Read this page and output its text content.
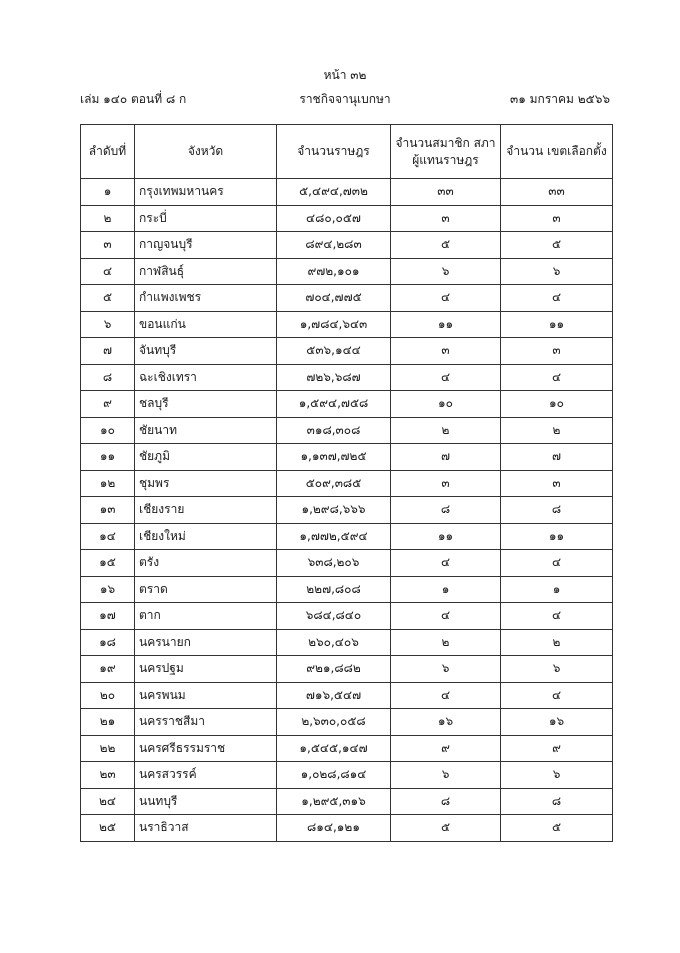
หน้า ๓๒
เล่ม ๑๔๐ ตอนที่ ๘ ก	ราชกิจจานุเบกษา	๓๑ มกราคม ๒๕๖๖
ลำดับที่	จังหวัด	จำนวนราษฎร	จำนวนสมาชิก สภาผู้แทนราษฎร	จำนวน เขตเลือกตั้ง
๑	กรุงเทพมหานคร	๕,๔๙๔,๗๓๒	๓๓	๓๓
๒	กระบี่	๔๘๐,๐๕๗	๓	๓
๓	กาญจนบุรี	๘๙๔,๒๘๓	๕	๕
๔	กาฬสินธุ์	๙๗๒,๑๐๑	๖	๖
๕	กำแพงเพชร	๗๐๔,๗๗๕	๔	๔
๖	ขอนแก่น	๑,๗๘๔,๖๔๓	๑๑	๑๑
๗	จันทบุรี	๕๓๖,๑๔๔	๓	๓
๘	ฉะเชิงเทรา	๗๒๖,๖๘๗	๔	๔
๙	ชลบุรี	๑,๕๙๔,๗๕๘	๑๐	๑๐
๑๐	ชัยนาท	๓๑๘,๓๐๘	๒	๒
๑๑	ชัยภูมิ	๑,๑๓๗,๗๒๕	๗	๗
๑๒	ชุมพร	๕๐๙,๓๘๕	๓	๓
๑๓	เชียงราย	๑,๒๙๘,๖๖๖	๘	๘
๑๔	เชียงใหม่	๑,๗๗๒,๕๙๔	๑๑	๑๑
๑๕	ตรัง	๖๓๘,๒๐๖	๔	๔
๑๖	ตราด	๒๒๗,๘๐๘	๑	๑
๑๗	ตาก	๖๘๔,๘๔๐	๔	๔
๑๘	นครนายก	๒๖๐,๔๐๖	๒	๒
๑๙	นครปฐม	๙๒๑,๘๘๒	๖	๖
๒๐	นครพนม	๗๑๖,๕๔๗	๔	๔
๒๑	นครราชสีมา	๒,๖๓๐,๐๕๘	๑๖	๑๖
๒๒	นครศรีธรรมราช	๑,๕๔๕,๑๔๗	๙	๙
๒๓	นครสวรรค์	๑,๐๒๘,๘๑๔	๖	๖
๒๔	นนทบุรี	๑,๒๙๕,๓๑๖	๘	๘
๒๕	นราธิวาส	๘๑๔,๑๒๑	๕	๕
